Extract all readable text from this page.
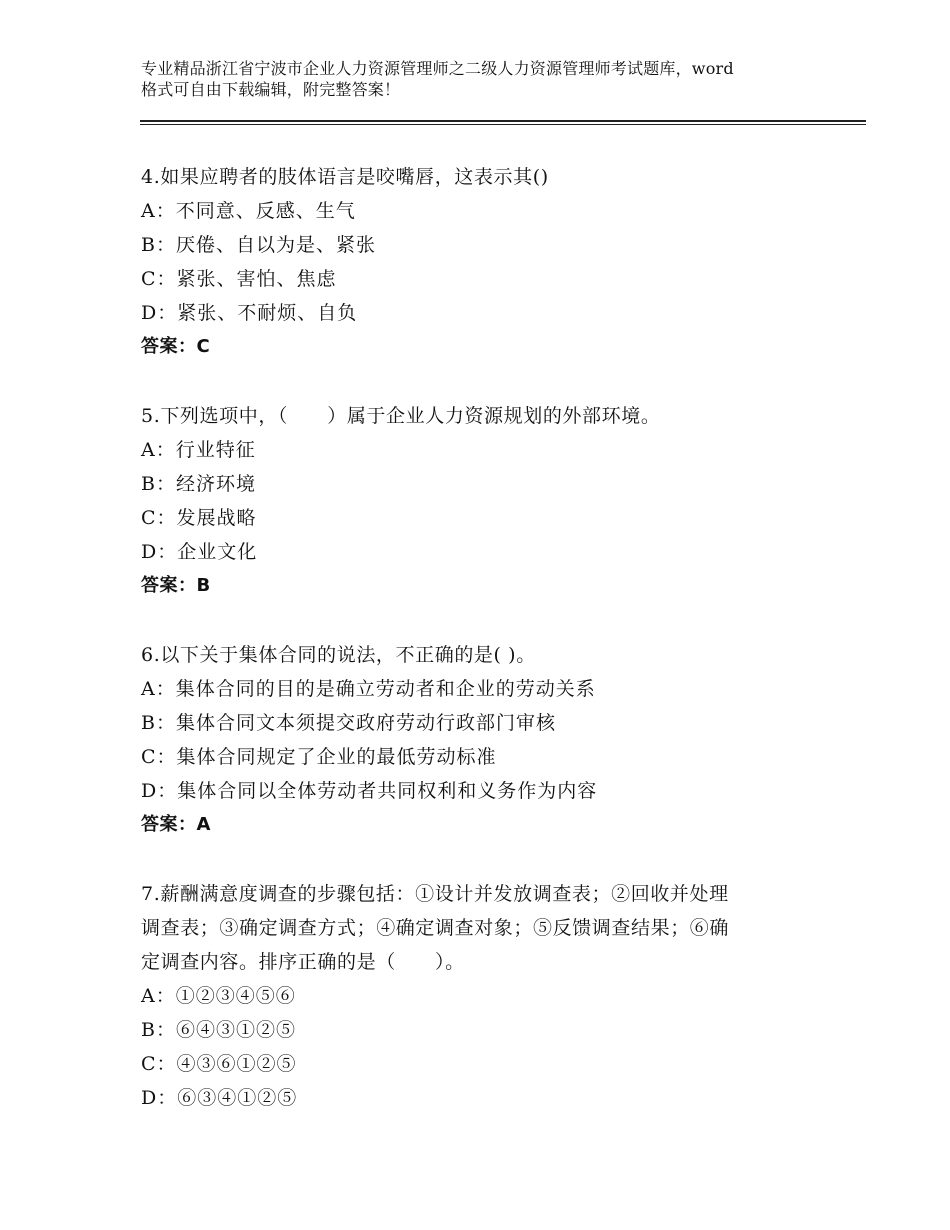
专业精品浙江省宁波市企业人力资源管理师之二级人力资源管理师考试题库，word
格式可自由下载编辑，附完整答案！
4.如果应聘者的肢体语言是咬嘴唇，这表示其()
A：不同意、反感、生气
B：厌倦、自以为是、紧张
C：紧张、害怕、焦虑
D：紧张、不耐烦、自负
答案：C
5.下列选项中，（　　）属于企业人力资源规划的外部环境。
A：行业特征
B：经济环境
C：发展战略
D：企业文化
答案：B
6.以下关于集体合同的说法，不正确的是( )。
A：集体合同的目的是确立劳动者和企业的劳动关系
B：集体合同文本须提交政府劳动行政部门审核
C：集体合同规定了企业的最低劳动标准
D：集体合同以全体劳动者共同权利和义务作为内容
答案：A
7.薪酬满意度调查的步骤包括：①设计并发放调查表；②回收并处理
调查表；③确定调查方式；④确定调查对象；⑤反馈调查结果；⑥确
定调查内容。排序正确的是（　　）。
A：①②③④⑤⑥
B：⑥④③①②⑤
C：④③⑥①②⑤
D：⑥③④①②⑤
